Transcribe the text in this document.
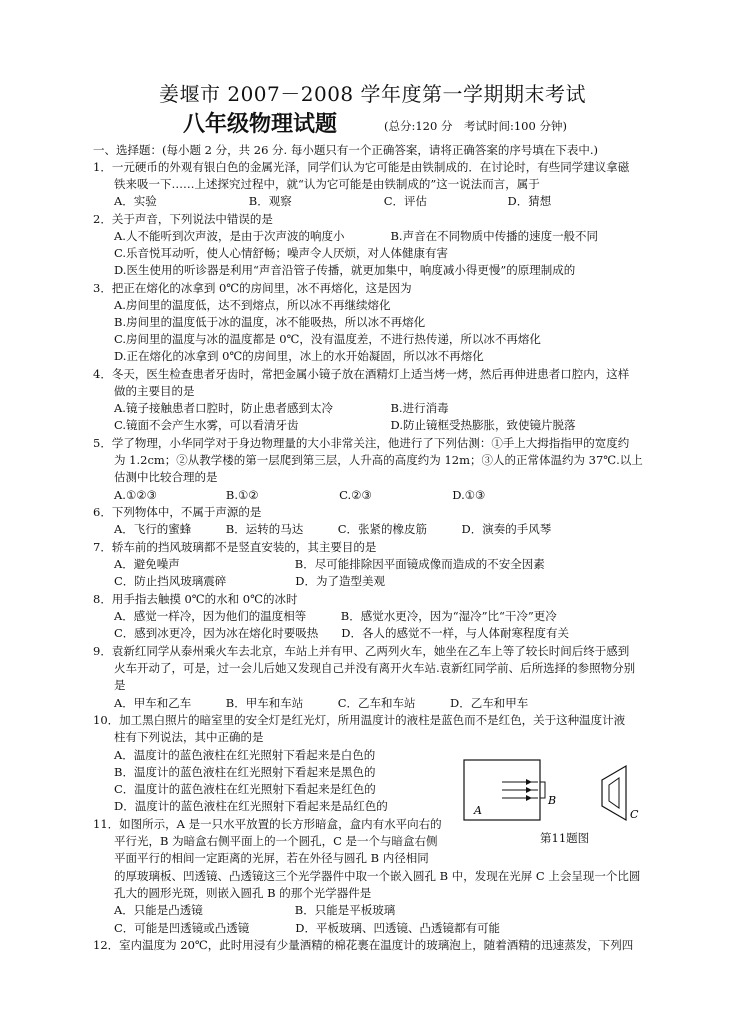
姜堰市 2007－2008 学年度第一学期期末考试
八年级物理试题	(总分:120 分　考试时间:100 分钟)
一、选择题：(每小题 2 分，共 26 分. 每小题只有一个正确答案，请将正确答案的序号填在下表中.)
1．一元硬币的外观有银白色的金属光泽，同学们认为它可能是由铁制成的．在讨论时，有些同学建议拿磁
铁来吸一下……上述探究过程中，就“认为它可能是由铁制成的”这一说法而言，属于
A．实验　　　　　　　　B．观察　　　　　　　　C．评估　　　　　　　D．猜想
2．关于声音，下列说法中错误的是
A.人不能听到次声波，是由于次声波的响度小　　　　B.声音在不同物质中传播的速度一般不同
C.乐音悦耳动听，使人心情舒畅；噪声令人厌烦，对人体健康有害
D.医生使用的听诊器是利用“声音沿管子传播，就更加集中，响度减小得更慢”的原理制成的
3．把正在熔化的冰拿到 0℃的房间里，冰不再熔化，这是因为
A.房间里的温度低，达不到熔点，所以冰不再继续熔化
B.房间里的温度低于冰的温度，冰不能吸热，所以冰不再熔化
C.房间里的温度与冰的温度都是 0℃，没有温度差，不进行热传递，所以冰不再熔化
D.正在熔化的冰拿到 0℃的房间里，冰上的水开始凝固，所以冰不再熔化
4．冬天，医生检查患者牙齿时，常把金属小镜子放在酒精灯上适当烤一烤，然后再伸进患者口腔内，这样
做的主要目的是
A.镜子接触患者口腔时，防止患者感到太冷　　　　　B.进行消毒
C.镜面不会产生水雾，可以看清牙齿　　　　　　　　D.防止镜框受热膨胀，致使镜片脱落
5．学了物理，小华同学对于身边物理量的大小非常关注，他进行了下列估测：①手上大拇指指甲的宽度约
为 1.2cm；②从教学楼的第一层爬到第三层，人升高的高度约为 12m；③人的正常体温约为 37℃.以上
估测中比较合理的是
A.①②③　　　　　　B.①②　　　　　　　C.②③　　　　　　　D.①③
6．下列物体中，不属于声源的是
A．飞行的蜜蜂　　　B．运转的马达　　　C．张紧的橡皮筋　　　D．演奏的手风琴
7．轿车前的挡风玻璃都不是竖直安装的，其主要目的是
A．避免噪声　　　　　　　　　　B．尽可能排除因平面镜成像而造成的不安全因素
C．防止挡风玻璃震碎　　　　　　D．为了造型美观
8．用手指去触摸 0℃的水和 0℃的冰时
A．感觉一样冷，因为他们的温度相等　　　B．感觉水更冷，因为“湿冷”比“干冷”更冷
C．感到冰更冷，因为冰在熔化时要吸热　　D．各人的感觉不一样，与人体耐寒程度有关
9．袁新红同学从泰州乘火车去北京，车站上并有甲、乙两列火车，她坐在乙车上等了较长时间后终于感到
火车开动了，可是，过一会儿后她又发现自己并没有离开火车站.袁新红同学前、后所选择的参照物分别
是
A．甲车和乙车　　　B．甲车和车站　　　C．乙车和车站　　　D．乙车和甲车
10．加工黑白照片的暗室里的安全灯是红光灯，所用温度计的液柱是蓝色而不是红色，关于这种温度计液
柱有下列说法，其中正确的是
A．温度计的蓝色液柱在红光照射下看起来是白色的
B．温度计的蓝色液柱在红光照射下看起来是黑色的
C．温度计的蓝色液柱在红光照射下看起来是红色的
D．温度计的蓝色液柱在红光照射下看起来是品红色的
11．如图所示，A 是一只水平放置的长方形暗盒，盒内有水平向右的
平行光，B 为暗盒右侧平面上的一个圆孔，C 是一个与暗盒右侧
平面平行的相间一定距离的光屏，若在外径与圆孔 B 内径相同
的厚玻璃板、凹透镜、凸透镜这三个光学器件中取一个嵌入圆孔 B 中，发现在光屏 C 上会呈现一个比圆
孔大的圆形光斑，则嵌入圆孔 B 的那个光学器件是
A．只能是凸透镜　　　　　　　　B．只能是平板玻璃
C．可能是凹透镜或凸透镜　　　　D．平板玻璃、凹透镜、凸透镜都有可能
12．室内温度为 20℃，此时用浸有少量酒精的棉花裹在温度计的玻璃泡上，随着酒精的迅速蒸发，下列四
A
B
C
第11题图
